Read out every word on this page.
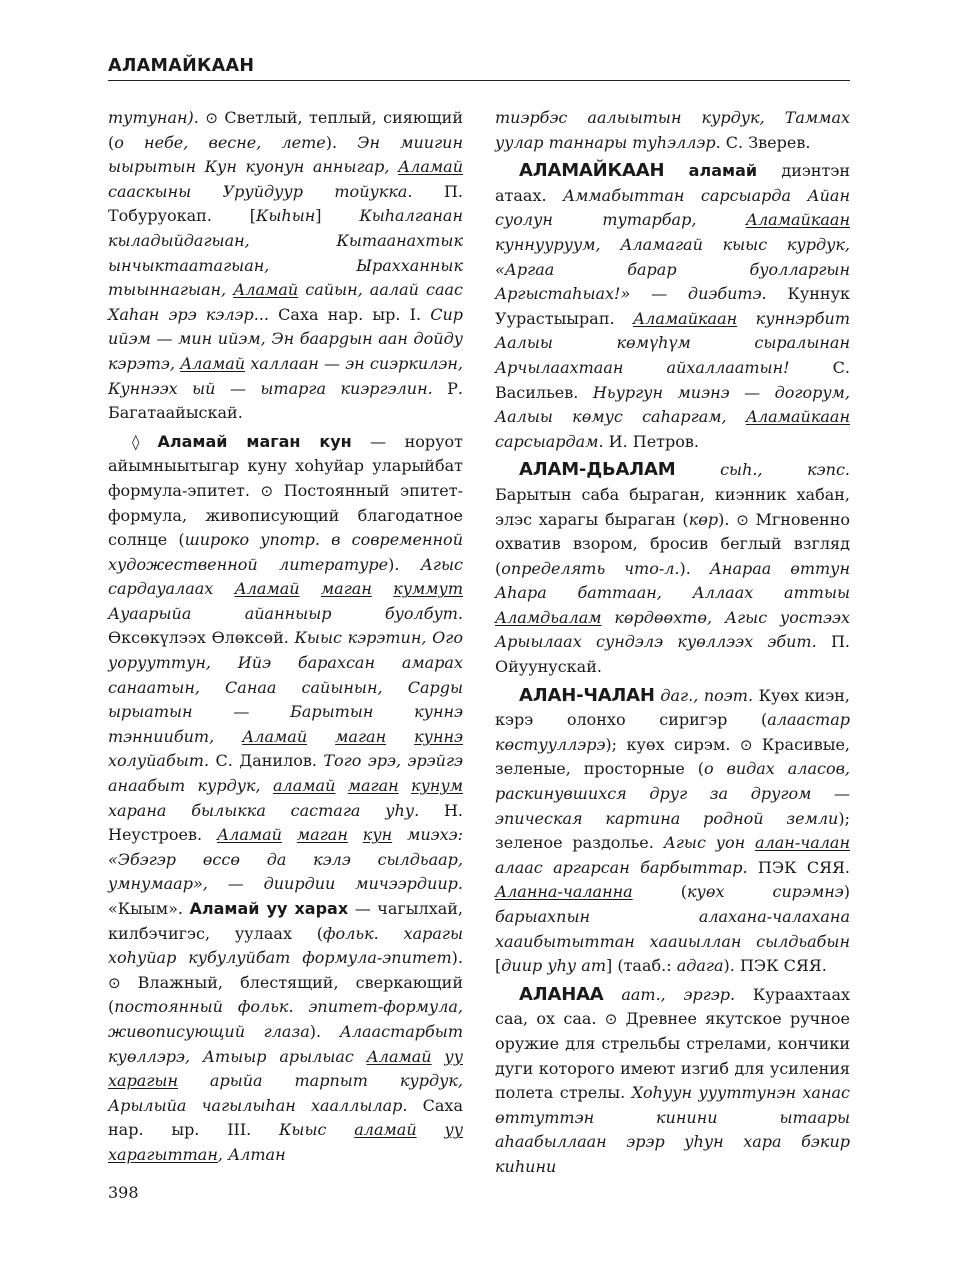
АЛАМАЙКААН

тутунан). ⊙ Светлый, теплый, сияющий (о небе, весне, лете). Эн миигин ыырытын Кун куонун анныгар, Аламай сааскыны Уруйдуур тойукка. П. Тобуруокап. [Кыhын] Кыhалганан кыладыйдагыан, Кытаанахтык ынчыктаатагыан, Ырахханнык тыыннагыан, Аламай сайын, аалай саас Хаhан эрэ кэлэр... Саха нар. ыр. I. Сир ийэм — мин ийэм, Эн баарgын аан дойду кэрэтэ, Аламай халлаан — эн сиэркилэн, Куннээх ый — ытарга киэргэлин. Р. Багатаайыскай.

◊ Аламай маган кун — норуот айымныытыгар куну хоhуйар уларыйбат формула-эпитет. ⊙ Постоянный эпитет-формула, живописующий благодатное солнце (широко употр. в современной художественной литературе). Агыс сардаyалаах Аламай маган куммут Аyаарыйа айанныыр буолбут. Өксөкүлээх Өлөксөй. Кыыс кэрэтин, Огo уорууттун, Ийэ барахсан амарах санаатын, Санаа сайынын, Сарgы ырыатын — Барытын куннэ тэнниибит, Аламай маган куннэ холуйабыт. С. Данилов. Тогo эрэ, эрэйгэ анаабыт курдук, аламай маган кунум харана былыкка састага уhу. Н. Неустроев. Аламай маган кун миэхэ: «Эбэгэр өссө да кэлэ сылдьаар, умнумаар», — диирдии мичээрдиир. «Кыым». Аламай уу харах — чагылхай, килбэчигэс, уулаах (фольк. харагы хоhуйар кубулуйбат формула-эпитет). ⊙ Влажный, блестящий, сверкающий (постоянный фольк. эпитет-формула, живописующий глаза). Алаастарбыт куөллэрэ, Атыыр арылыас Аламай уу харагын арыйа тарпыт курдук, Арылыйа чагылыhан хааллылар. Саха нар. ыр. III. Кыыс аламай уу харагыттан, Алтан

тиэрбэс аалыытын курдук, Таммах уулар таннары туhэллэр. С. Зверев.

АЛАМАЙКААН аламай диэнтэн атаах. Аммабыттан сарсыарда Айан суолун тутарбар, Аламайкаан куннууруум, Аламагай кыыс курдук, «Аргаа барар буолларгын Аргыстаhыах!» — диэбитэ. Куннук Уурастыырап. Аламайкаан куннэрбит Аалыы көмүhүм сыралынан Арчылаахтаан айхаллаатын! С. Васильев. Ньургун миэнэ — догорум, Аалыы көмус саhаргам, Аламайкаан сарсыардам. И. Петров.

АЛАМ-ДЬАЛАМ сыh., кэпс. Барытын саба быраган, киэнник хабан, элэс харагы быраган (көр). ⊙ Мгновенно охватив взором, бросив беглый взгляд (определять что-л.). Анараа өттун Аhара баттаан, Аллаах аттыы Аламдьалам көрдөөхтө, Агыс уостээх Арыылаах сундэлэ куөллээх эбит. П. Ойуунускай.

АЛАН-ЧАЛАН даг., поэт. Куөх киэн, кэрэ олонхо сиригэр (алаастар көстууллэрэ); куөх сирэм. ⊙ Красивые, зеленые, просторные (о видах аласов, раскинувшихся друг за другом — эпическая картина родной земли); зеленое раздолье. Агыс уон алан-чалан алаас аргарсан барбыттар. ПЭК СЯЯ. Аланна-чаланна (куөх сирэмнэ) барыахпын алахана-чалахана хааибытыттан хааиыллан сылдьабын [диир уhу ат] (тааб.: адага). ПЭК СЯЯ.

АЛАНАА аат., эргэр. Кураахтаах саа, ох саа. ⊙ Древнее якутское ручное оружие для стрельбы стрелами, кончики дуги которого имеют изгиб для усиления полета стрелы. Хоhуун уууттунэн ханас өттуттэн кинини ытаары аhаабыллаан эрэр уhун хара бэкир киhини

398
